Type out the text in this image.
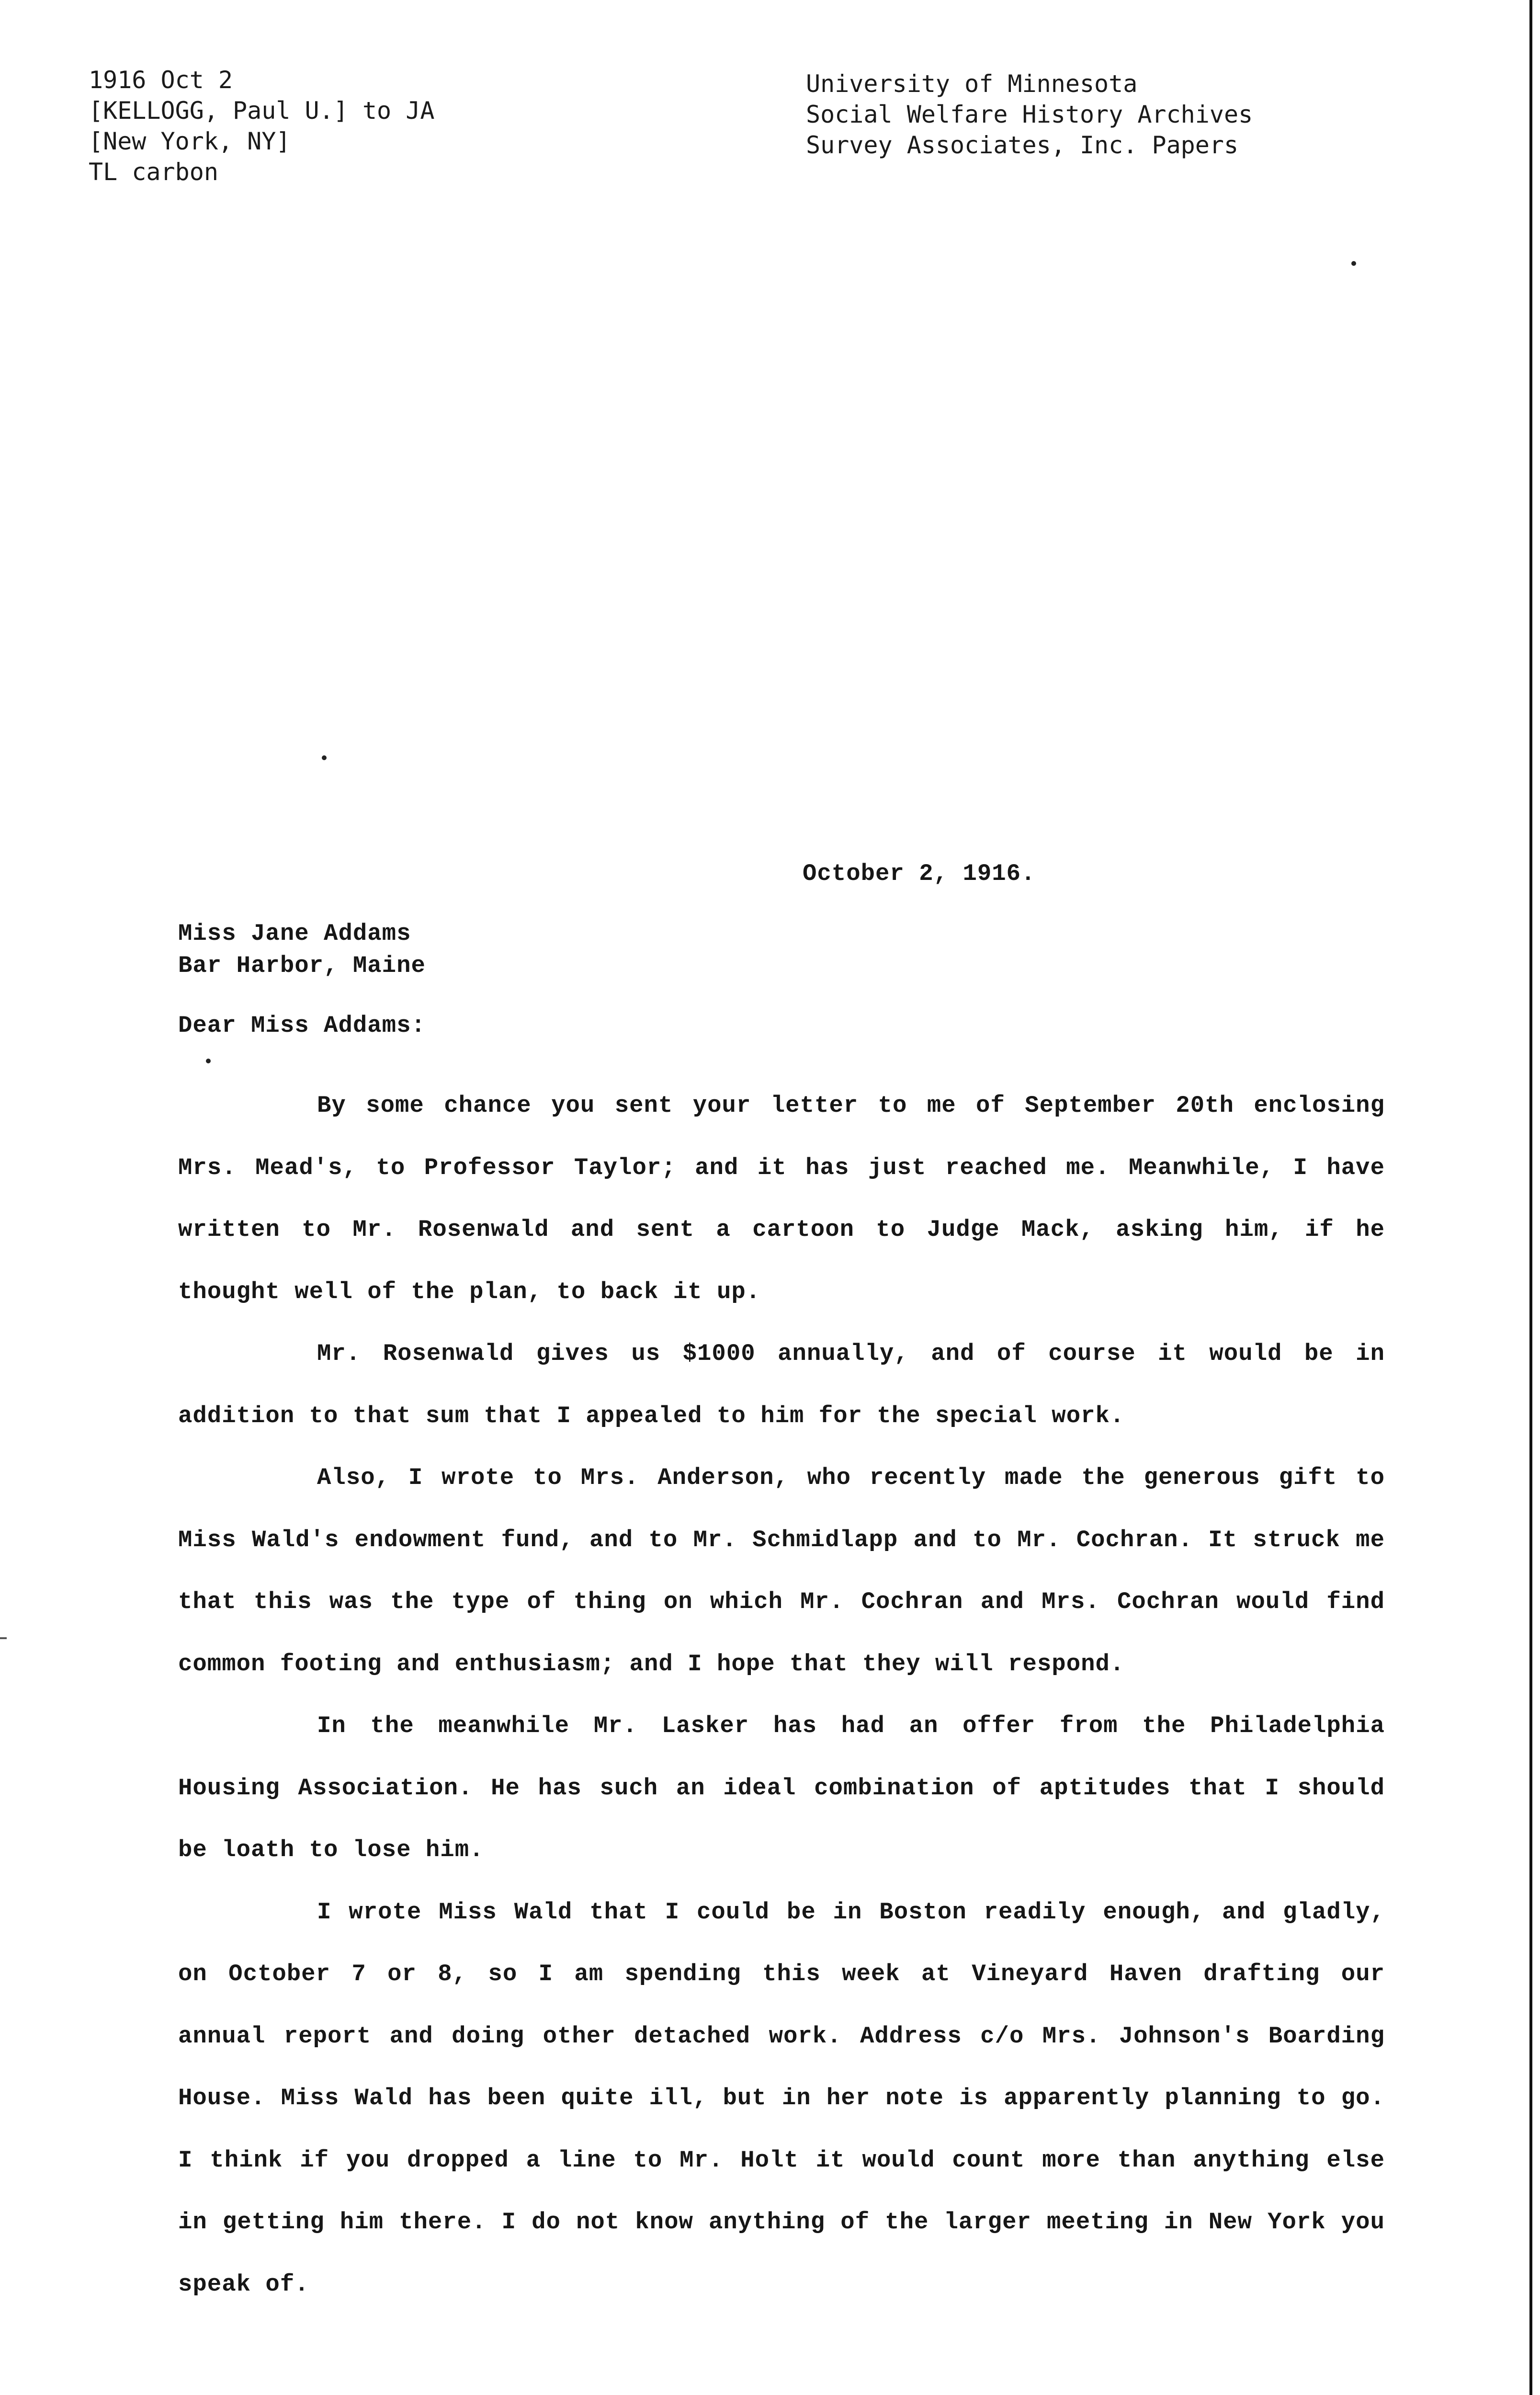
1916 Oct 2
[KELLOGG, Paul U.] to JA
[New York, NY]
TL carbon
University of Minnesota
Social Welfare History Archives
Survey Associates, Inc. Papers
October 2, 1916.
Miss Jane Addams
Bar Harbor, Maine
Dear Miss Addams:

By some chance you sent your letter to me of September 20th enclosing Mrs. Mead's, to Professor Taylor; and it has just reached me. Meanwhile, I have written to Mr. Rosenwald and sent a cartoon to Judge Mack, asking him, if he thought well of the plan, to back it up.

Mr. Rosenwald gives us $1000 annually, and of course it would be in addition to that sum that I appealed to him for the special work.

Also, I wrote to Mrs. Anderson, who recently made the generous gift to Miss Wald's endowment fund, and to Mr. Schmidlapp and to Mr. Cochran. It struck me that this was the type of thing on which Mr. Cochran and Mrs. Cochran would find common footing and enthusiasm; and I hope that they will respond.

In the meanwhile Mr. Lasker has had an offer from the Philadelphia Housing Association. He has such an ideal combination of aptitudes that I should be loath to lose him.

I wrote Miss Wald that I could be in Boston readily enough, and gladly, on October 7 or 8, so I am spending this week at Vineyard Haven drafting our annual report and doing other detached work. Address c/o Mrs. Johnson's Boarding House. Miss Wald has been quite ill, but in her note is apparently planning to go. I think if you dropped a line to Mr. Holt it would count more than anything else in getting him there. I do not know anything of the larger meeting in New York you speak of.
